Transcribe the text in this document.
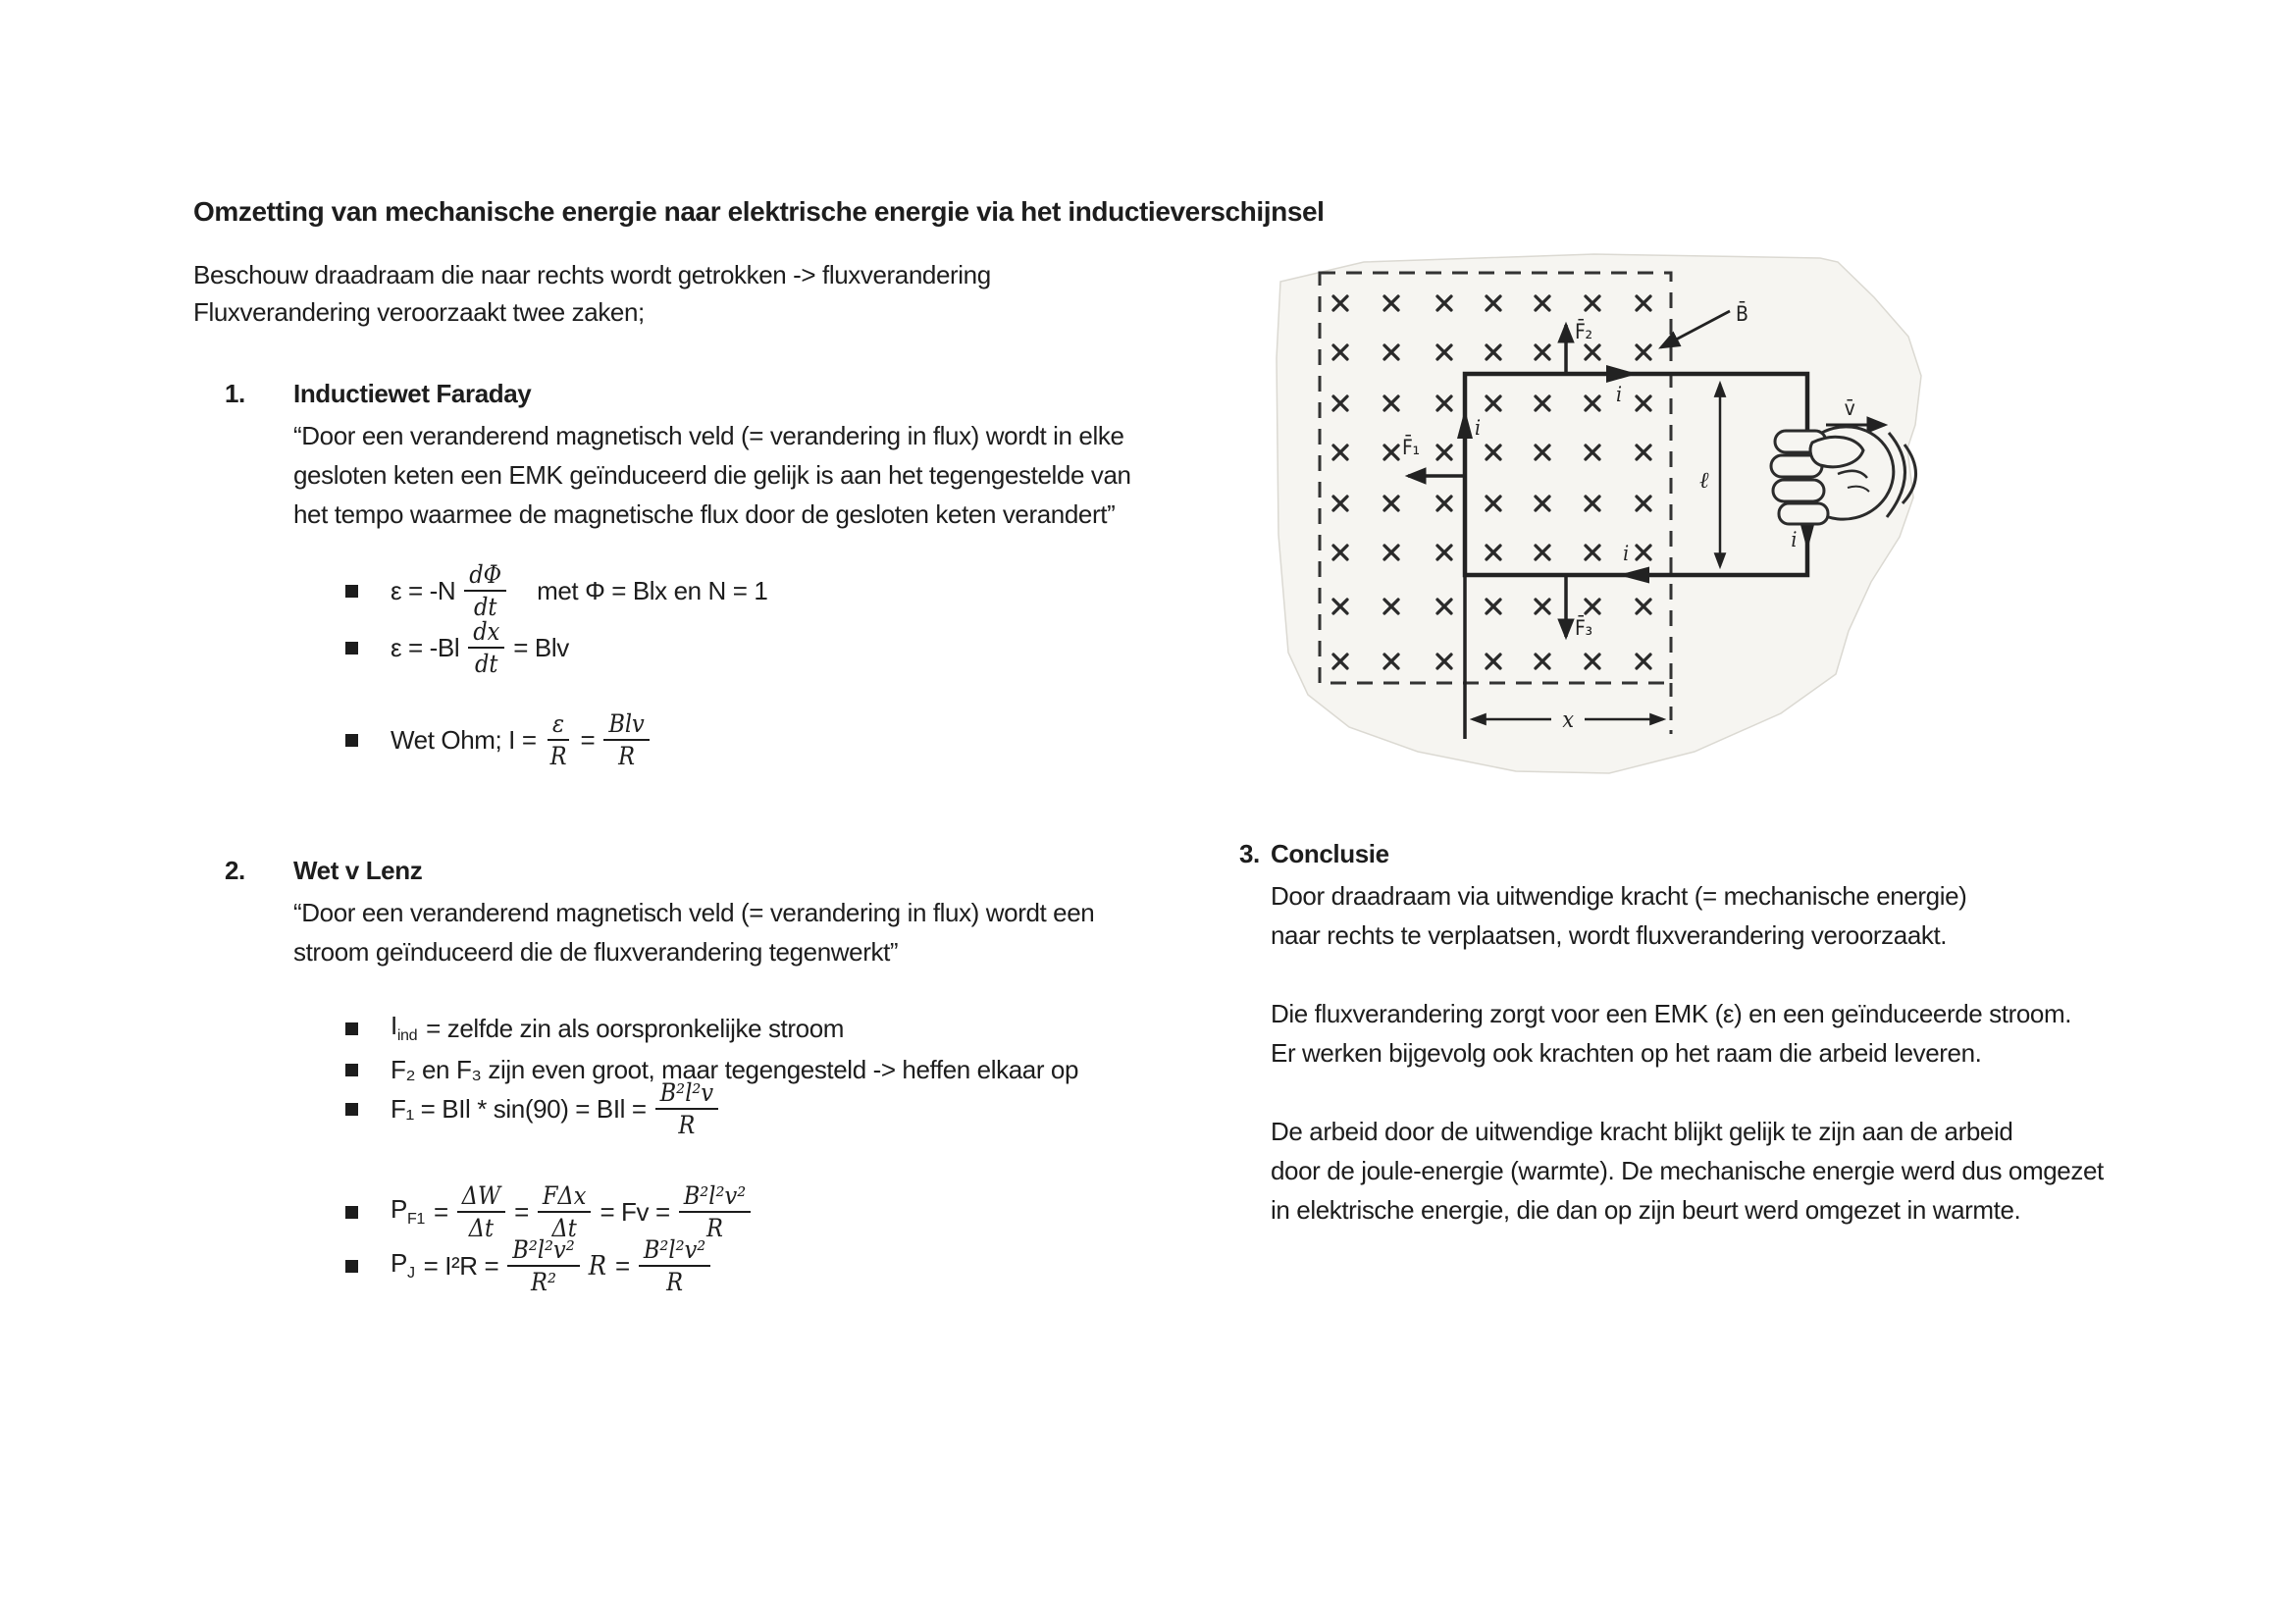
Omzetting van mechanische energie naar elektrische energie via het inductieverschijnsel
Beschouw draadraam die naar rechts wordt getrokken -> fluxverandering
Fluxverandering veroorzaakt twee zaken;
1. Inductiewet Faraday
“Door een veranderend magnetisch veld (= verandering in flux) wordt in elke
gesloten keten een EMK geïnduceerd die gelijk is aan het tegengestelde van
het tempo waarmee de magnetische flux door de gesloten keten verandert”
$\varepsilon = -N \frac{d\Phi}{dt}$ met Φ = Blx en N = 1
$\varepsilon = -Bl \frac{dx}{dt}$ = Blv
Wet Ohm; $I = \frac{\varepsilon}{R} = \frac{\text{Blv}}{R}$
2. Wet v Lenz
“Door een veranderend magnetisch veld (= verandering in flux) wordt een
stroom geïnduceerd die de fluxverandering tegenwerkt”
$I_{ind}$ = zelfde zin als oorspronkelijke stroom
F₂ en F₃ zijn even groot, maar tegengesteld -> heffen elkaar op
F₁ = BIl * sin(90) = BIl = $\frac{\text{B²l²v}}{R}$
$P_{F1} = \frac{\Delta W}{\Delta t} = \frac{\text{FΔx}}{\Delta t} = Fv = \frac{\text{B²l²v²}}{R}$
$P_J = I^2R = \frac{\text{B²l²v²}}{\text{R²}}$ $R = \frac{\text{B²l²v²}}{R}$
3. Conclusie
Door draadraam via uitwendige kracht (= mechanische energie)
naar rechts te verplaatsen, wordt fluxverandering veroorzaakt.
Die fluxverandering zorgt voor een EMK (ε) en een geïnduceerde stroom.
Er werken bijgevolg ook krachten op het raam die arbeid leveren.
De arbeid door de uitwendige kracht blijkt gelijk te zijn aan de arbeid
door de joule-energie (warmte). De mechanische energie werd dus omgezet
in elektrische energie, die dan op zijn beurt werd omgezet in warmte.
F̄₂
F̄₁
F̄₃
B̄
v̄
ℓ
x
i
i
i
i
